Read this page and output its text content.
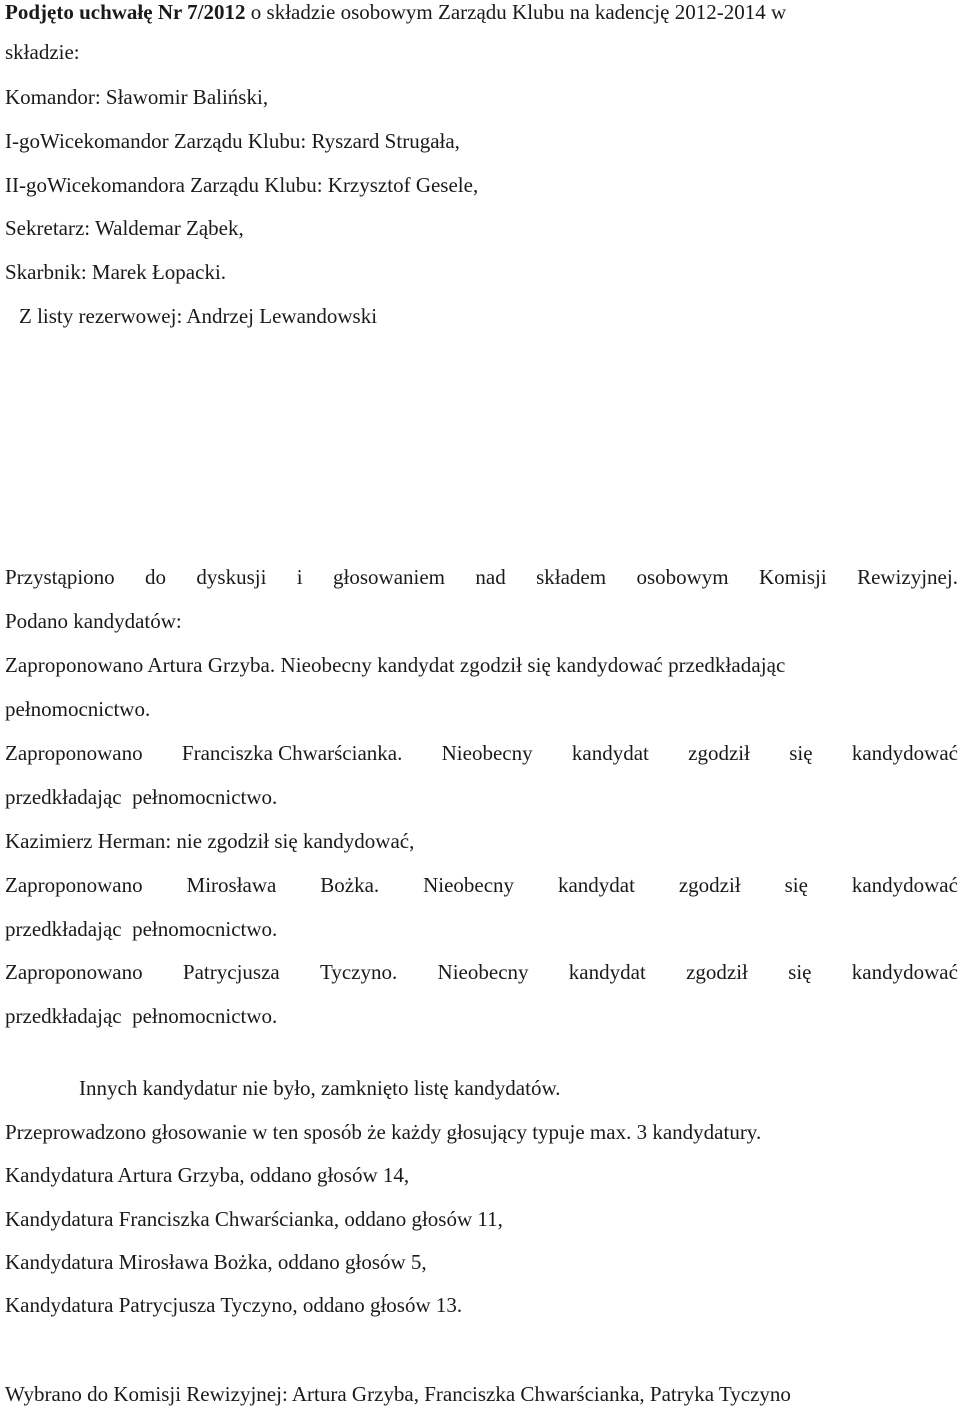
Podjęto uchwałę Nr 7/2012 o składzie osobowym Zarządu Klubu na kadencję 2012-2014 w
składzie:
Komandor: Sławomir Baliński,
I-goWicekomandor Zarządu Klubu: Ryszard Strugała,
II-goWicekomandora Zarządu Klubu: Krzysztof Gesele,
Sekretarz: Waldemar Ząbek,
Skarbnik: Marek Łopacki.
Z listy rezerwowej: Andrzej Lewandowski
Przystąpiono do dyskusji i głosowaniem nad składem osobowym Komisji Rewizyjnej.
Podano kandydatów:
Zaproponowano Artura Grzyba. Nieobecny kandydat zgodził się kandydować przedkładając
pełnomocnictwo.
Zaproponowano Franciszka Chwarścianka. Nieobecny kandydat zgodził się kandydować
przedkładając  pełnomocnictwo.
Kazimierz Herman: nie zgodził się kandydować,
Zaproponowano Mirosława Bożka. Nieobecny kandydat zgodził się kandydować
przedkładając  pełnomocnictwo.
Zaproponowano Patrycjusza Tyczyno. Nieobecny kandydat zgodził się kandydować
przedkładając  pełnomocnictwo.
Innych kandydatur nie było, zamknięto listę kandydatów.
Przeprowadzono głosowanie w ten sposób że każdy głosujący typuje max. 3 kandydatury.
Kandydatura Artura Grzyba, oddano głosów 14,
Kandydatura Franciszka Chwarścianka, oddano głosów 11,
Kandydatura Mirosława Bożka, oddano głosów 5,
Kandydatura Patrycjusza Tyczyno, oddano głosów 13.
Wybrano do Komisji Rewizyjnej: Artura Grzyba, Franciszka Chwarścianka, Patryka Tyczyno
